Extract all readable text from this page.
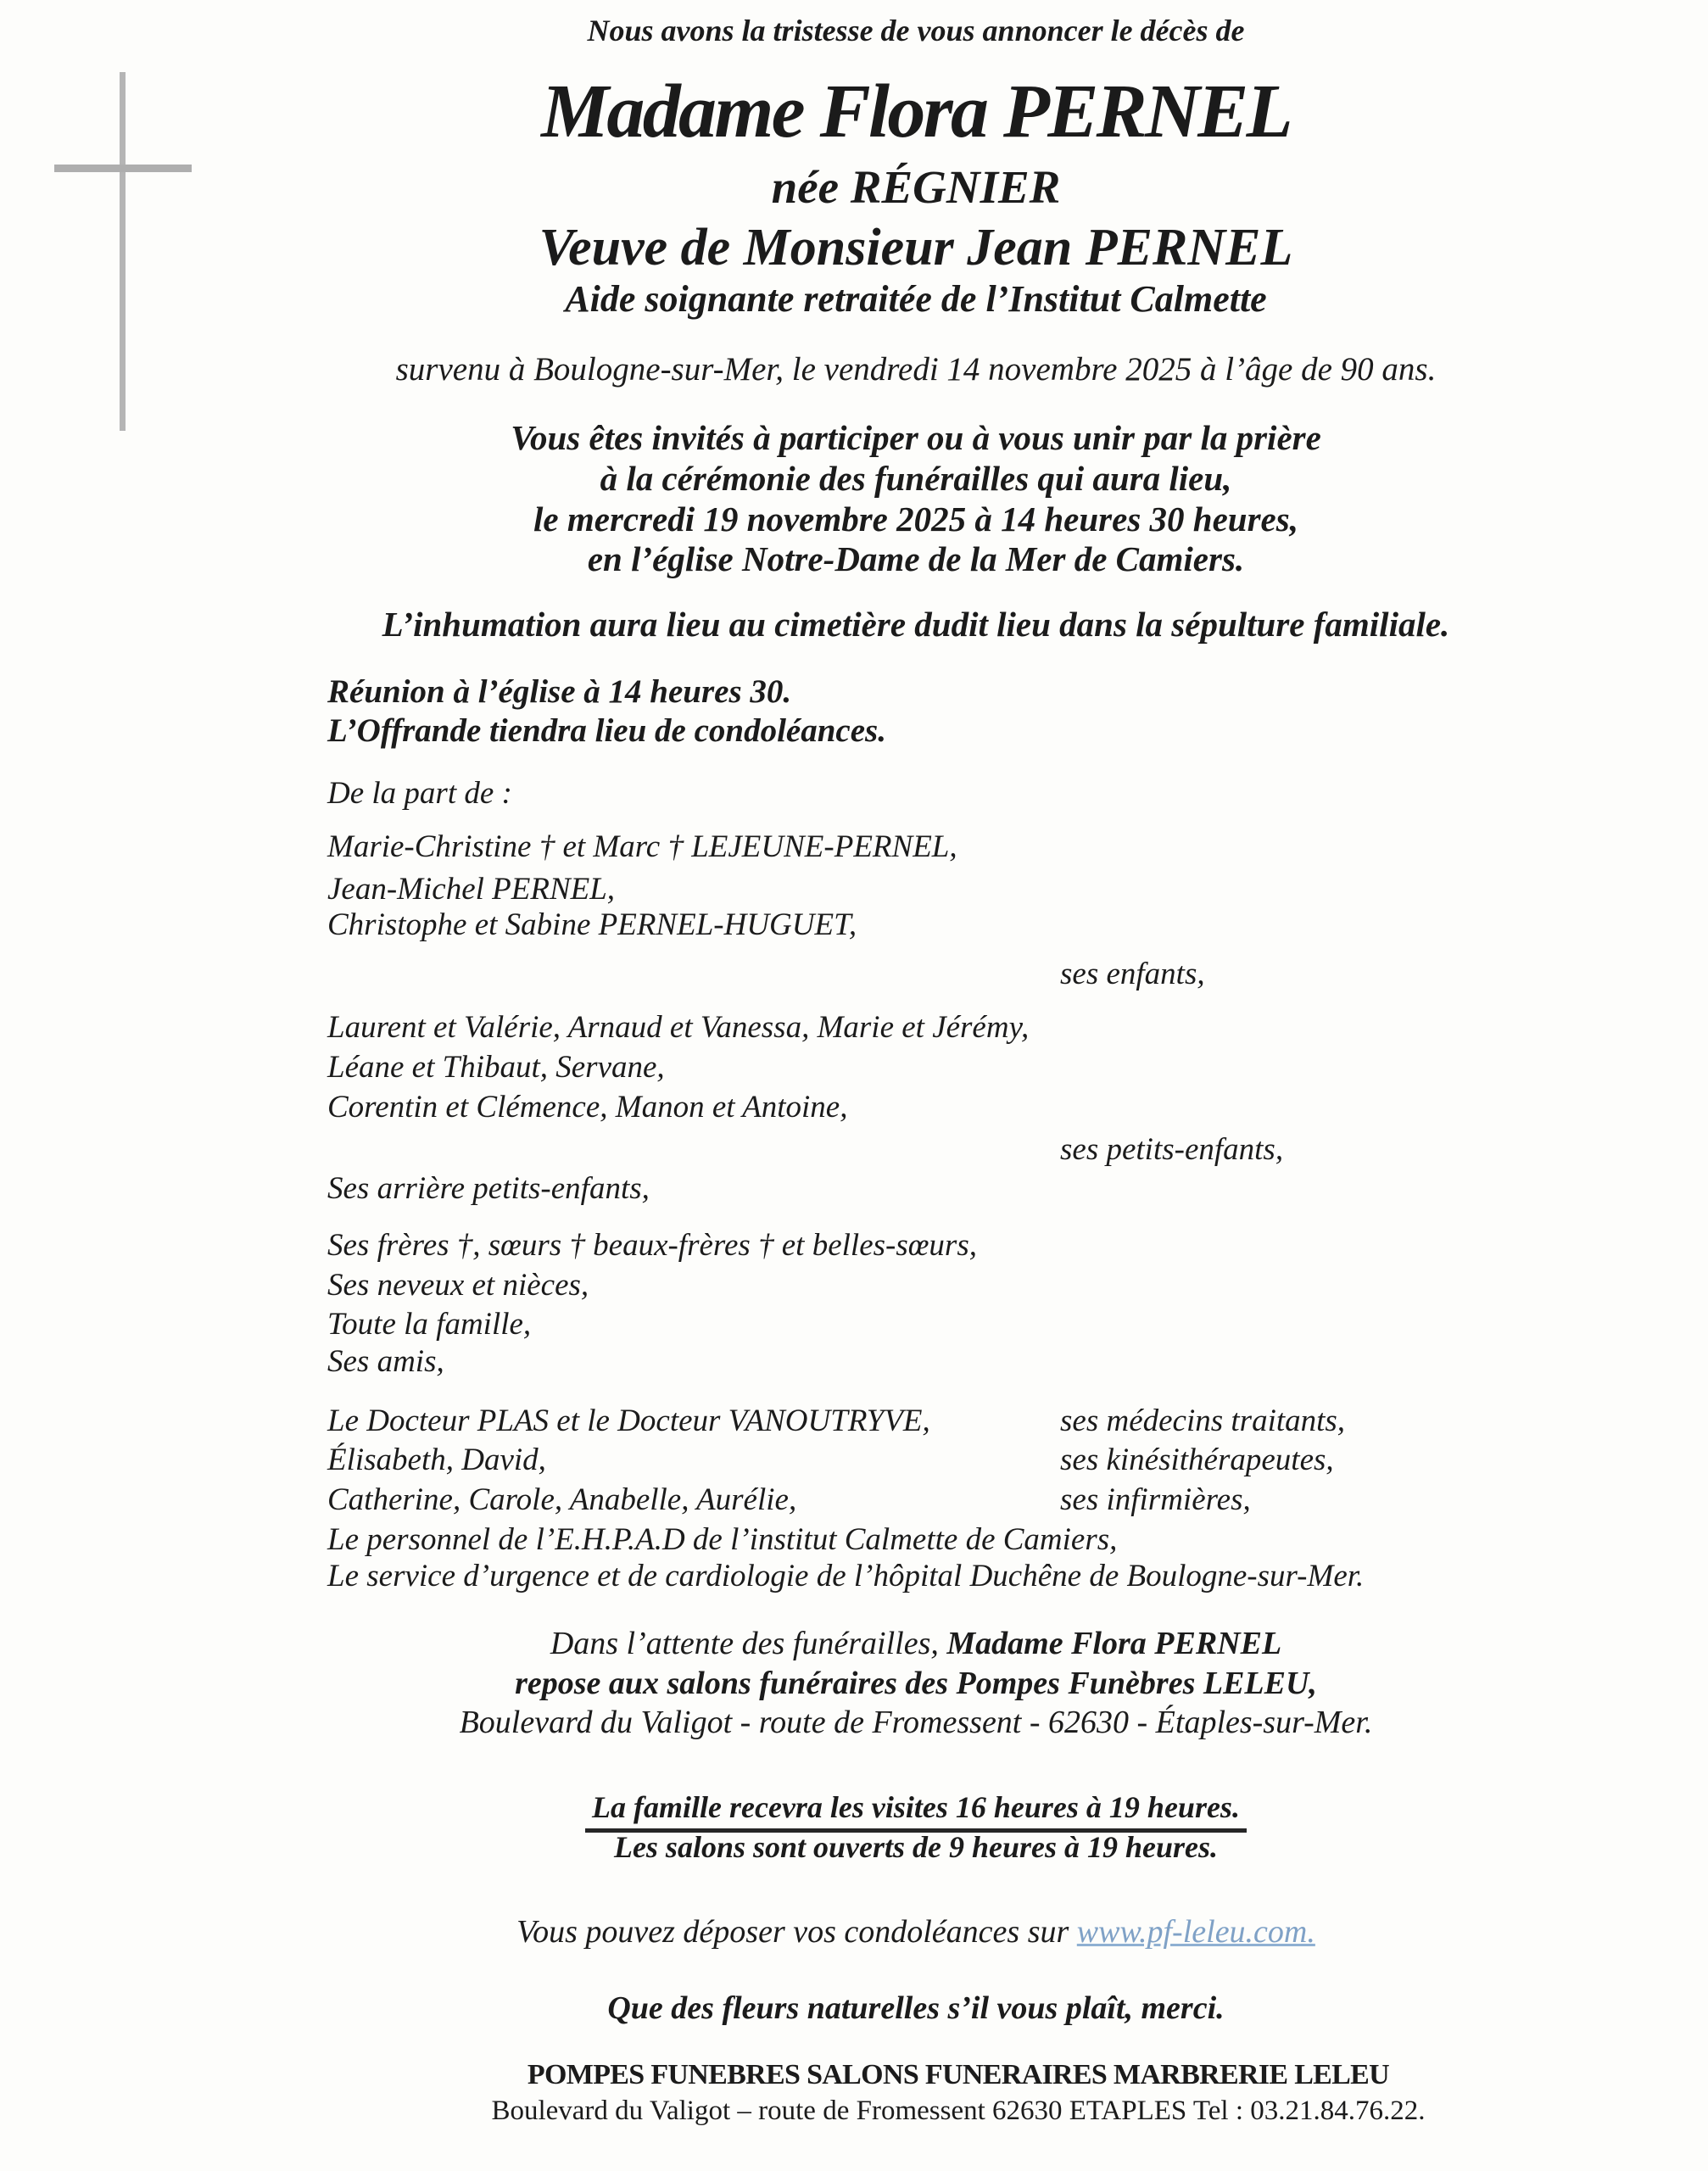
Nous avons la tristesse de vous annoncer le décès de
Madame Flora PERNEL
née RÉGNIER
Veuve de Monsieur Jean PERNEL
Aide soignante retraitée de l’Institut Calmette
survenu à Boulogne-sur-Mer, le vendredi 14 novembre 2025 à l’âge de 90 ans.
Vous êtes invités à participer ou à vous unir par la prière
à la cérémonie des funérailles qui aura lieu,
le mercredi 19 novembre 2025 à 14 heures 30 heures,
en l’église Notre-Dame de la Mer de Camiers.
L’inhumation aura lieu au cimetière dudit lieu dans la sépulture familiale.
Réunion à l’église à 14 heures 30.
L’Offrande tiendra lieu de condoléances.
De la part de :
Marie-Christine † et Marc † LEJEUNE-PERNEL,
Jean-Michel PERNEL,
Christophe et Sabine PERNEL-HUGUET,
ses enfants,
Laurent et Valérie, Arnaud et Vanessa, Marie et Jérémy,
Léane et Thibaut, Servane,
Corentin et Clémence, Manon et Antoine,
ses petits-enfants,
Ses arrière petits-enfants,
Ses frères †, sœurs † beaux-frères † et belles-sœurs,
Ses neveux et nièces,
Toute la famille,
Ses amis,
Le Docteur PLAS et le Docteur VANOUTRYVE,	ses médecins traitants,
Élisabeth, David,	ses kinésithérapeutes,
Catherine, Carole, Anabelle, Aurélie,	ses infirmières,
Le personnel de l’E.H.P.A.D de l’institut Calmette de Camiers,
Le service d’urgence et de cardiologie de l’hôpital Duchêne de Boulogne-sur-Mer.
Dans l’attente des funérailles, Madame Flora PERNEL
repose aux salons funéraires des Pompes Funèbres LELEU,
Boulevard du Valigot - route de Fromessent - 62630 - Étaples-sur-Mer.
La famille recevra les visites 16 heures à 19 heures.
Les salons sont ouverts de 9 heures à 19 heures.
Vous pouvez déposer vos condoléances sur www.pf-leleu.com.
Que des fleurs naturelles s’il vous plaît, merci.
POMPES FUNEBRES SALONS FUNERAIRES MARBRERIE LELEU
Boulevard du Valigot – route de Fromessent 62630 ETAPLES Tel : 03.21.84.76.22.
